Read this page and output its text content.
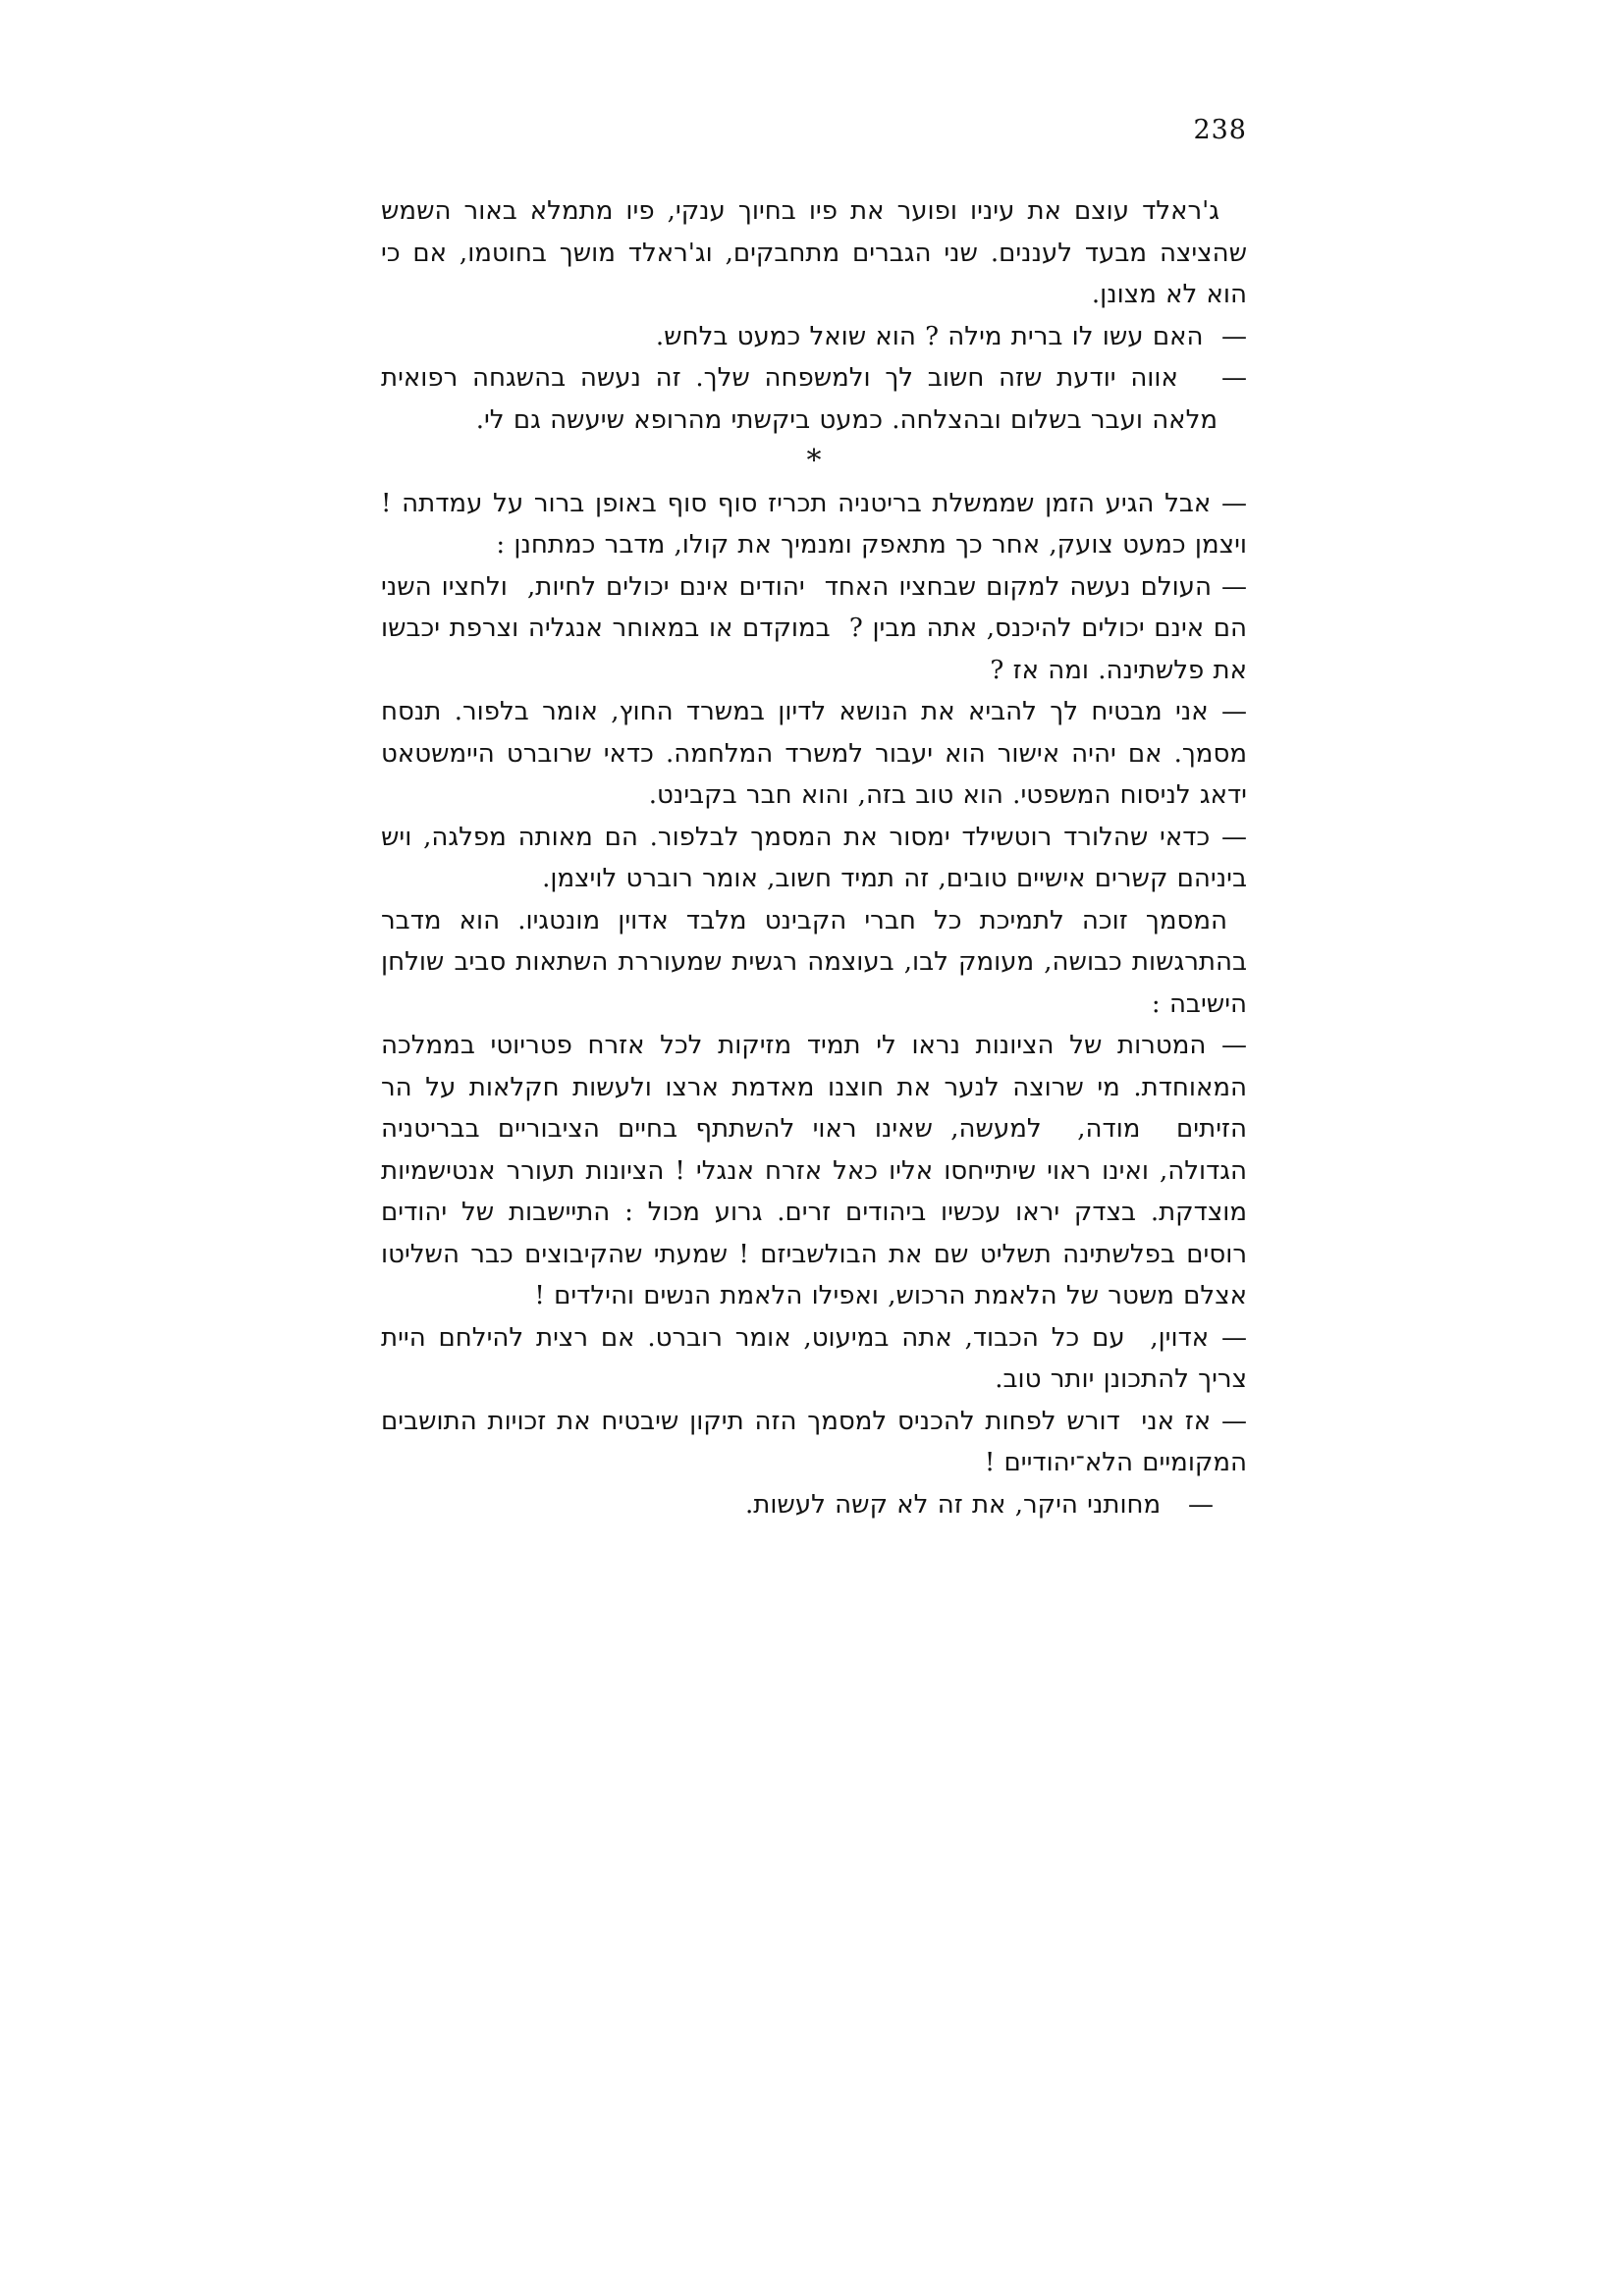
238

ג'ראלד עוצם את עיניו ופוער את פיו בחיוך ענקי, פיו מתמלא באור השמש שהציצה מבעד לעננים. שני הגברים מתחבקים, וג'ראלד מושך בחוטמו, אם כי הוא לא מצונן.

—  האם עשו לו ברית מילה ? הוא שואל כמעט בלחש.

—   אווה יודעת שזה חשוב לך ולמשפחה שלך. זה נעשה בהשגחה רפואית מלאה ועבר בשלום ובהצלחה. כמעט ביקשתי מהרופא שיעשה גם לי.

*

— אבל הגיע הזמן שממשלת בריטניה תכריז סוף סוף באופן ברור על עמדתה ! ויצמן כמעט צועק, אחר כך מתאפק ומנמיך את קולו, מדבר כמתחנן :

— העולם נעשה למקום שבחציו האחד  יהודים אינם יכולים לחיות,  ולחציו השני הם אינם יכולים להיכנס, אתה מבין ?  במוקדם או במאוחר אנגליה וצרפת יכבשו את פלשתינה. ומה אז ?

— אני מבטיח לך להביא את הנושא לדיון במשרד החוץ, אומר בלפור. תנסח מסמך. אם יהיה אישור הוא יעבור למשרד המלחמה. כדאי שרוברט היימשטאט ידאג לניסוח המשפטי. הוא טוב בזה, והוא חבר בקבינט.

— כדאי שהלורד רוטשילד ימסור את המסמך לבלפור. הם מאותה מפלגה, ויש ביניהם קשרים אישיים טובים, זה תמיד חשוב, אומר רוברט לויצמן.

המסמך זוכה לתמיכת כל חברי הקבינט מלבד אדוין מונטגיו. הוא מדבר בהתרגשות כבושה, מעומק לבו, בעוצמה רגשית שמעוררת השתאות סביב שולחן הישיבה :

— המטרות של הציונות נראו לי תמיד מזיקות לכל אזרח פטריוטי בממלכה המאוחדת. מי שרוצה לנער את חוצנו מאדמת ארצו ולעשות חקלאות על הר הזיתים  מודה,  למעשה, שאינו ראוי להשתתף בחיים הציבוריים בבריטניה הגדולה, ואינו ראוי שיתייחסו אליו כאל אזרח אנגלי ! הציונות תעורר אנטישמיות מוצדקת. בצדק יראו עכשיו ביהודים זרים. גרוע מכול : התיישבות של יהודים רוסים בפלשתינה תשליט שם את הבולשביזם ! שמעתי שהקיבוצים כבר השליטו אצלם משטר של הלאמת הרכוש, ואפילו הלאמת הנשים והילדים !

— אדוין,  עם כל הכבוד, אתה במיעוט, אומר רוברט. אם רצית להילחם היית צריך להתכונן יותר טוב.

— אז אני  דורש לפחות להכניס למסמך הזה תיקון שיבטיח את זכויות התושבים המקומיים הלא־יהודיים !

—   מחותני היקר, את זה לא קשה לעשות.
